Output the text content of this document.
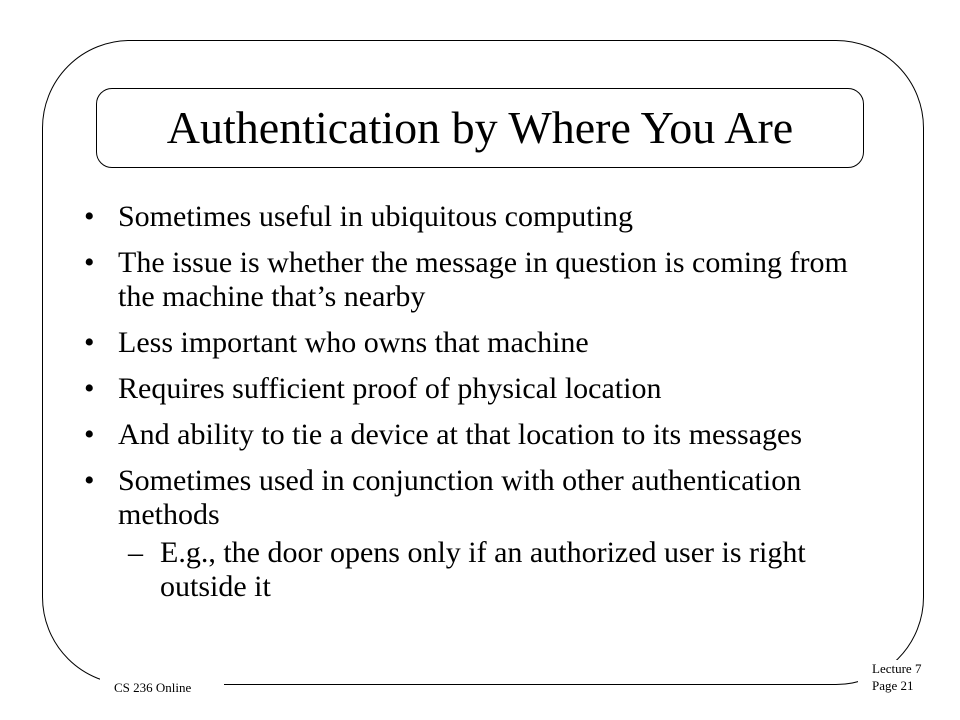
Authentication by Where You Are
• Sometimes useful in ubiquitous computing
• The issue is whether the message in question is coming from the machine that’s nearby
• Less important who owns that machine
• Requires sufficient proof of physical location
• And ability to tie a device at that location to its messages
• Sometimes used in conjunction with other authentication methods
– E.g., the door opens only if an authorized user is right outside it
CS 236 Online
Lecture 7
Page 21
